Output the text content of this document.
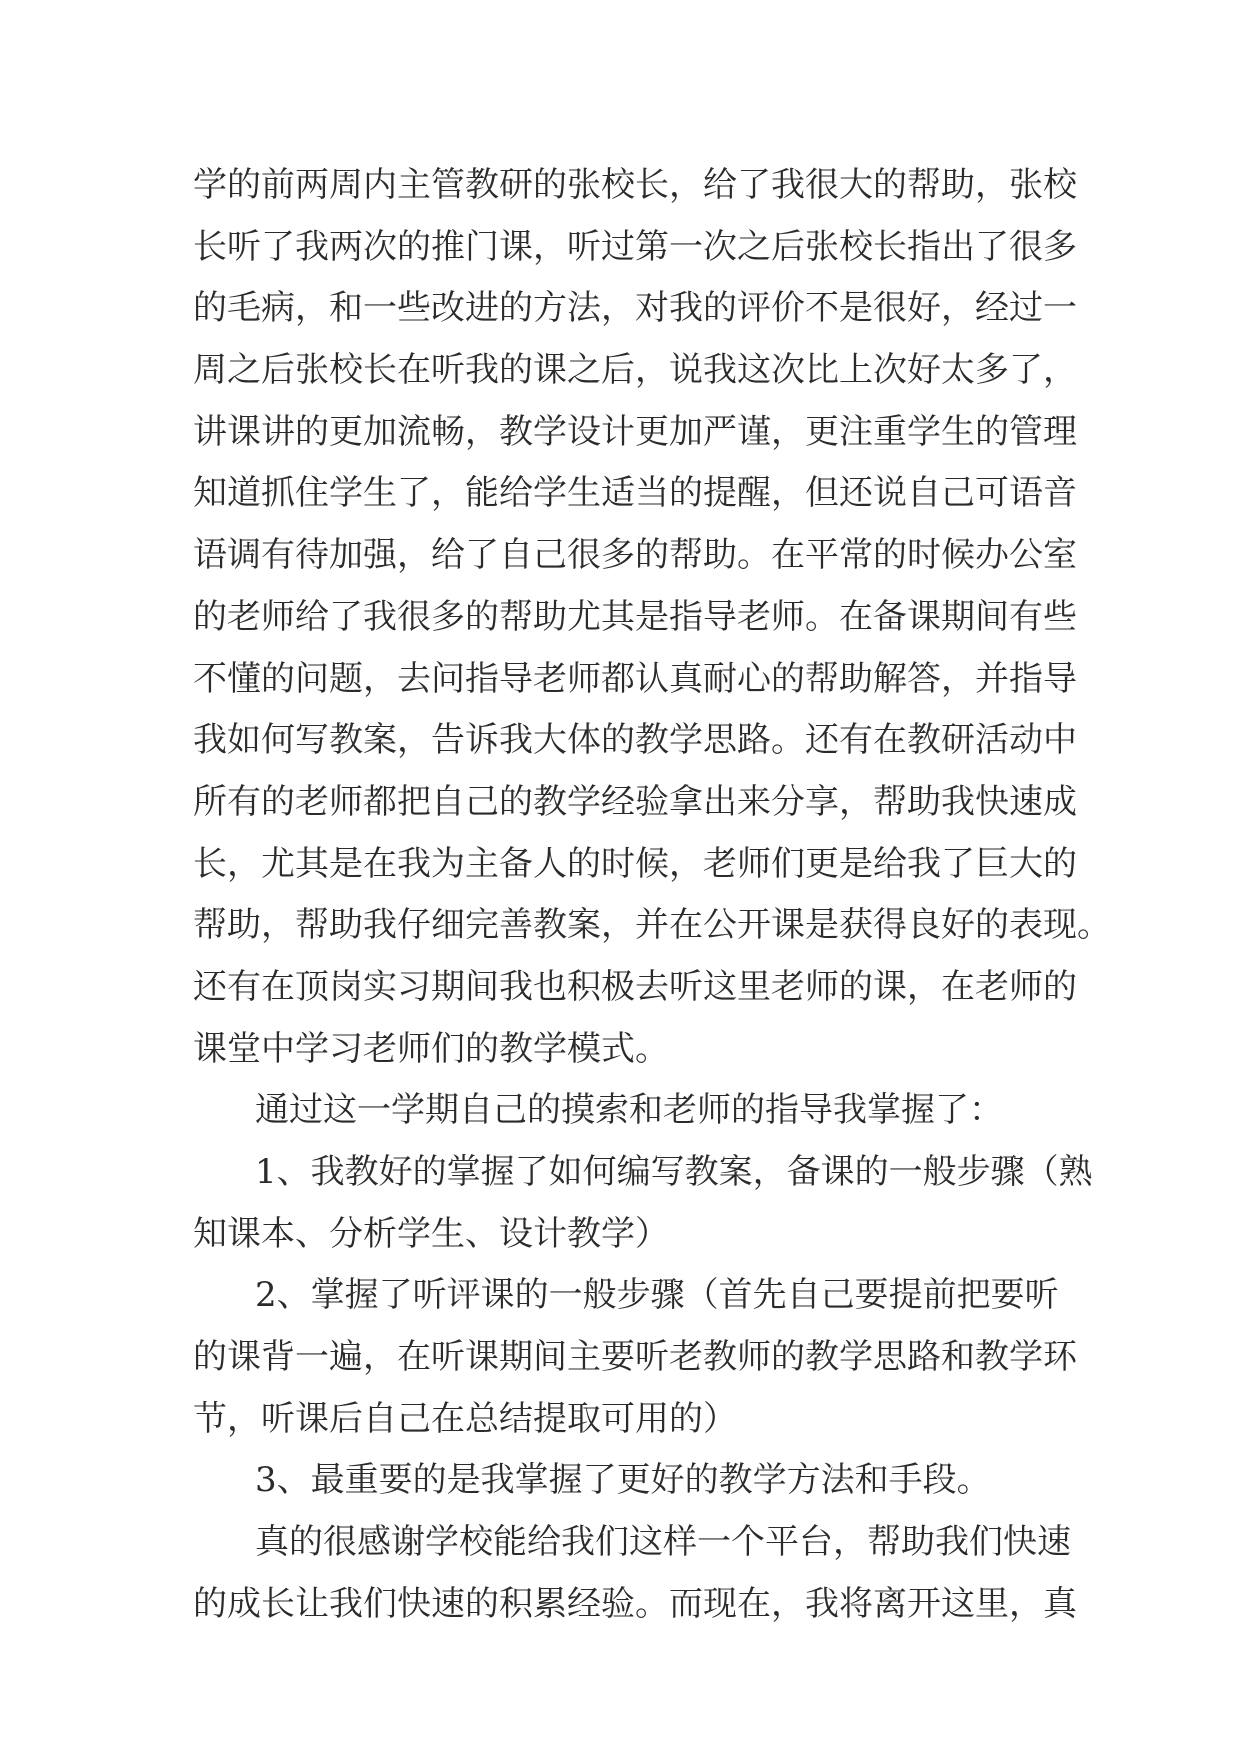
学的前两周内主管教研的张校长，给了我很大的帮助，张校
长听了我两次的推门课，听过第一次之后张校长指出了很多
的毛病，和一些改进的方法，对我的评价不是很好，经过一
周之后张校长在听我的课之后，说我这次比上次好太多了，
讲课讲的更加流畅，教学设计更加严谨，更注重学生的管理
知道抓住学生了，能给学生适当的提醒，但还说自己可语音
语调有待加强，给了自己很多的帮助。在平常的时候办公室
的老师给了我很多的帮助尤其是指导老师。在备课期间有些
不懂的问题，去问指导老师都认真耐心的帮助解答，并指导
我如何写教案，告诉我大体的教学思路。还有在教研活动中
所有的老师都把自己的教学经验拿出来分享，帮助我快速成
长，尤其是在我为主备人的时候，老师们更是给我了巨大的
帮助，帮助我仔细完善教案，并在公开课是获得良好的表现。
还有在顶岗实习期间我也积极去听这里老师的课，在老师的
课堂中学习老师们的教学模式。
通过这一学期自己的摸索和老师的指导我掌握了：
1、我教好的掌握了如何编写教案，备课的一般步骤（熟
知课本、分析学生、设计教学）
2、掌握了听评课的一般步骤（首先自己要提前把要听
的课背一遍，在听课期间主要听老教师的教学思路和教学环
节，听课后自己在总结提取可用的）
3、最重要的是我掌握了更好的教学方法和手段。
真的很感谢学校能给我们这样一个平台，帮助我们快速
的成长让我们快速的积累经验。而现在，我将离开这里，真
